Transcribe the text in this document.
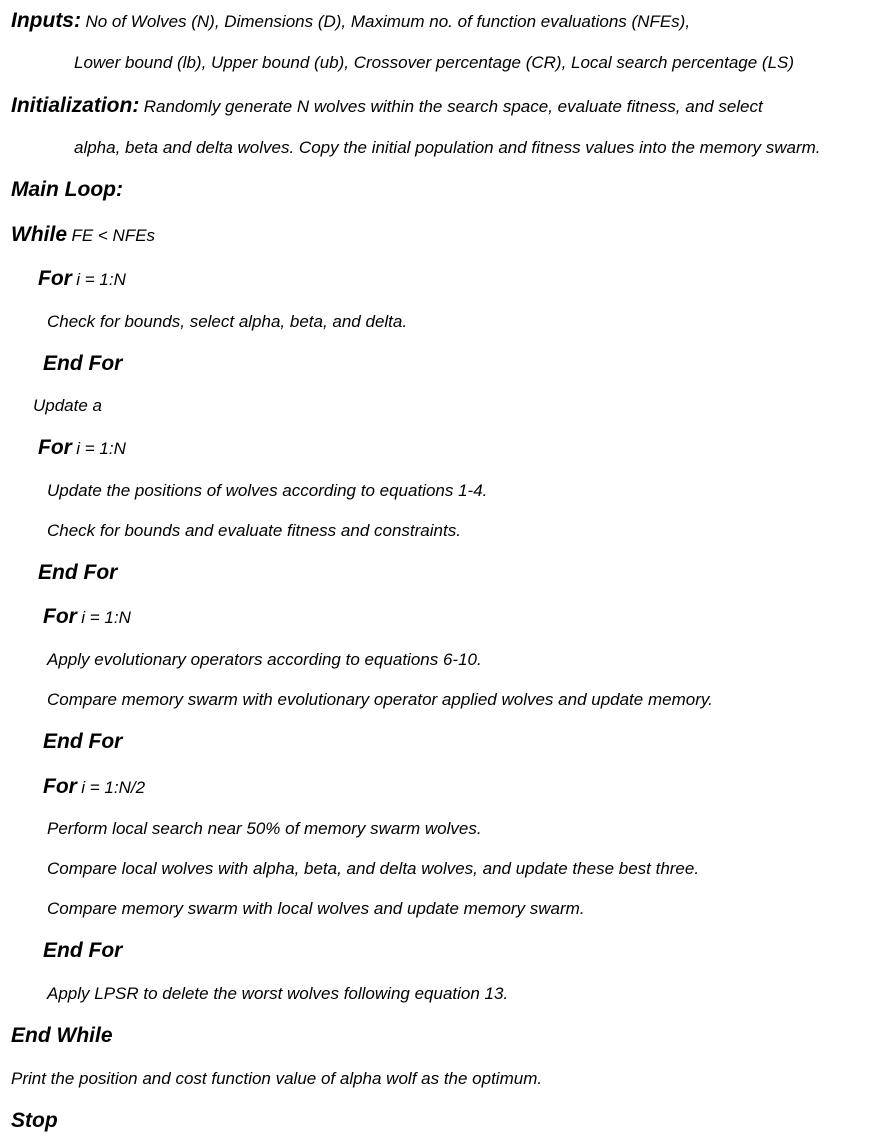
Inputs: No of Wolves (N), Dimensions (D), Maximum no. of function evaluations (NFEs),
Lower bound (lb), Upper bound (ub), Crossover percentage (CR), Local search percentage (LS)
Initialization: Randomly generate N wolves within the search space, evaluate fitness, and select
alpha, beta and delta wolves. Copy the initial population and fitness values into the memory swarm.
Main Loop:
While FE < NFEs
For i = 1:N
Check for bounds, select alpha, beta, and delta.
End For
Update a
For i = 1:N
Update the positions of wolves according to equations 1-4.
Check for bounds and evaluate fitness and constraints.
End For
For i = 1:N
Apply evolutionary operators according to equations 6-10.
Compare memory swarm with evolutionary operator applied wolves and update memory.
End For
For i = 1:N/2
Perform local search near 50% of memory swarm wolves.
Compare local wolves with alpha, beta, and delta wolves, and update these best three.
Compare memory swarm with local wolves and update memory swarm.
End For
Apply LPSR to delete the worst wolves following equation 13.
End While
Print the position and cost function value of alpha wolf as the optimum.
Stop
